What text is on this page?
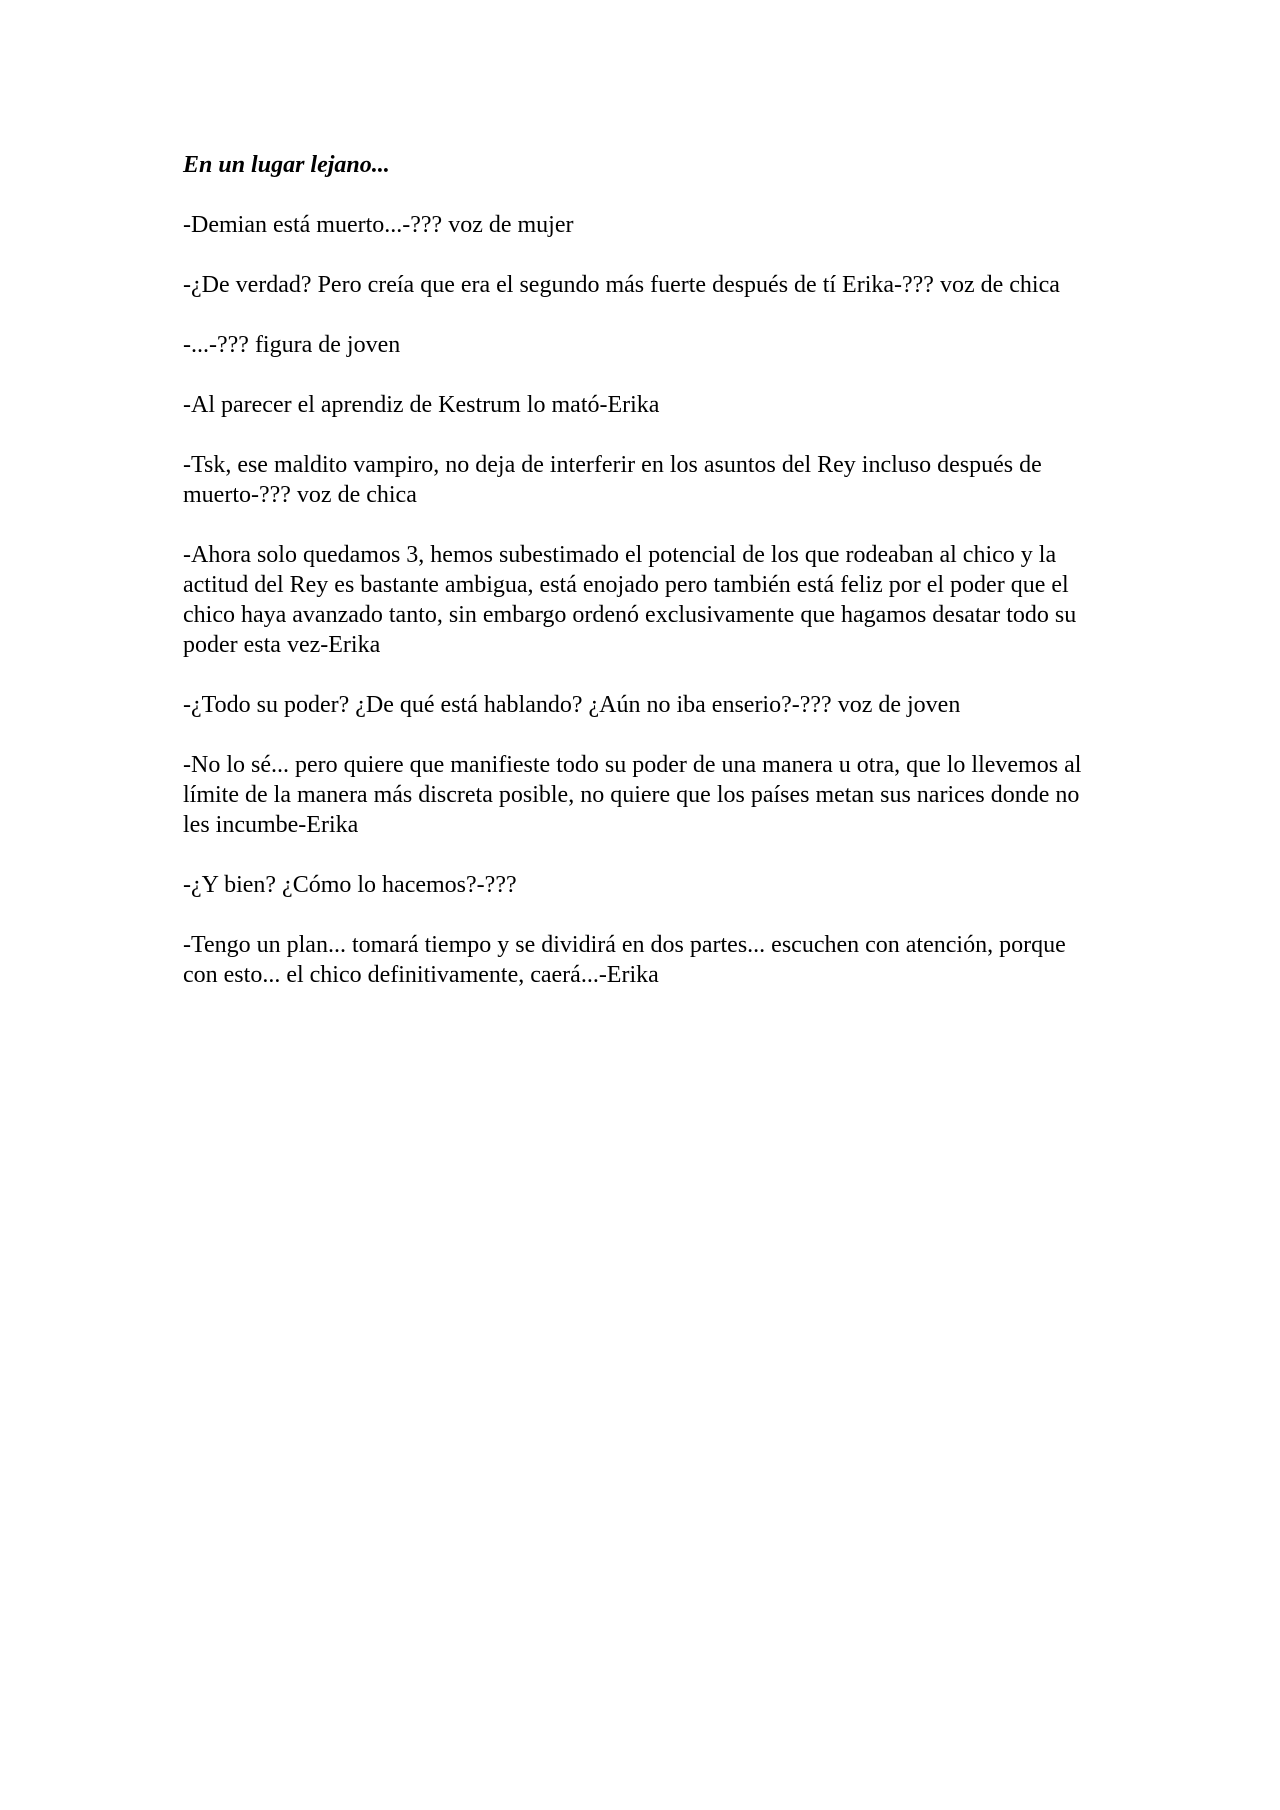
En un lugar lejano...

-Demian está muerto...-??? voz de mujer

-¿De verdad? Pero creía que era el segundo más fuerte después de tí Erika-??? voz de chica

-...-??? figura de joven

-Al parecer el aprendiz de Kestrum lo mató-Erika

-Tsk, ese maldito vampiro, no deja de interferir en los asuntos del Rey incluso después de muerto-??? voz de chica

-Ahora solo quedamos 3, hemos subestimado el potencial de los que rodeaban al chico y la actitud del Rey es bastante ambigua, está enojado pero también está feliz por el poder que el chico haya avanzado tanto, sin embargo ordenó exclusivamente que hagamos desatar todo su poder esta vez-Erika

-¿Todo su poder? ¿De qué está hablando? ¿Aún no iba enserio?-??? voz de joven

-No lo sé... pero quiere que manifieste todo su poder de una manera u otra, que lo llevemos al límite de la manera más discreta posible, no quiere que los países metan sus narices donde no les incumbe-Erika

-¿Y bien? ¿Cómo lo hacemos?-???

-Tengo un plan... tomará tiempo y se dividirá en dos partes... escuchen con atención, porque con esto... el chico definitivamente, caerá...-Erika
